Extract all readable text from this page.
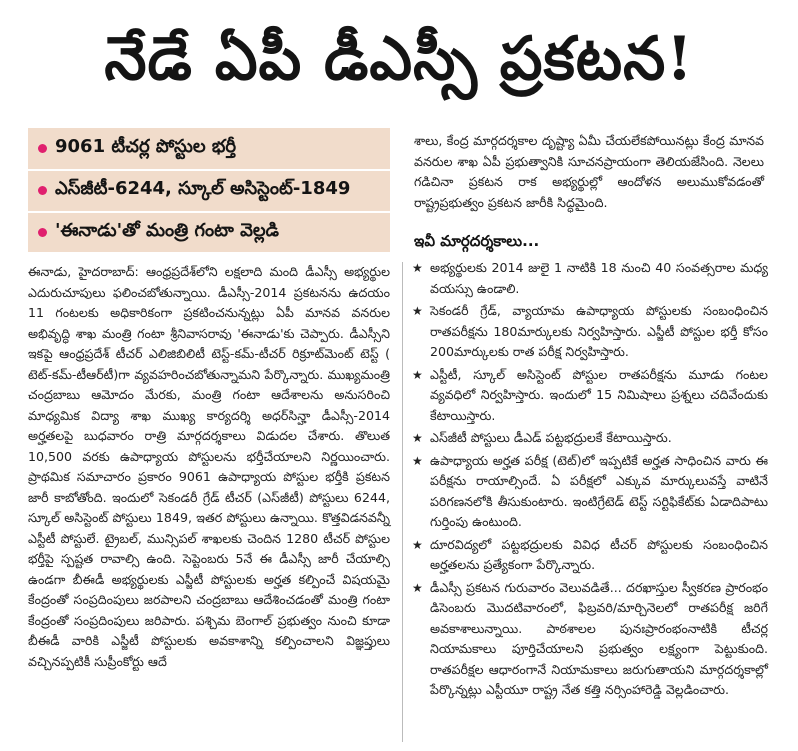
నేడే ఏపీ డీఎస్సీ ప్రకటన!
9061 టీచర్ల పోస్టుల భర్తీ
ఎస్‌జీటీ-6244, స్కూల్ అసిస్టెంట్-1849
'ఈనాడు'తో మంత్రి గంటా వెల్లడి
ఈనాడు, హైదరాబాద్: ఆంధ్రప్రదేశ్‌లోని లక్షలాది మంది డీఎస్సీ అభ్యర్థుల ఎదురుచూపులు ఫలించబోతున్నాయి. డీఎస్సీ-2014 ప్రకటనను ఉదయం 11 గంటలకు అధికారికంగా ప్రకటించనున్నట్లు ఏపీ మానవ వనరుల అభివృద్ధి శాఖ మంత్రి గంటా శ్రీనివాసరావు 'ఈనాడు'కు చెప్పారు. డీఎస్సీని ఇకపై ఆంధ్రప్రదేశ్ టీచర్ ఎలిజిబిలిటీ టెస్ట్-కమ్-టీచర్ రిక్రూట్‌మెంట్ టెస్ట్ ( టెట్-కమ్-టీఆర్‌టీ)గా వ్యవహరించబోతున్నామని పేర్కొన్నారు. ముఖ్యమంత్రి చంద్రబాబు ఆమోదం మేరకు, మంత్రి గంటా ఆదేశాలను అనుసరించి మాధ్యమిక విద్యా శాఖ ముఖ్య కార్యదర్శి అధర్‌సిన్హా డీఎస్సీ-2014 అర్హతలపై బుధవారం రాత్రి మార్గదర్శకాలు విడుదల చేశారు. తొలుత 10,500 వరకు ఉపాధ్యాయ పోస్టులను భర్తీచేయాలని నిర్ణయించారు. ప్రాథమిక సమాచారం ప్రకారం 9061 ఉపాధ్యాయ పోస్టుల భర్తీకి ప్రకటన జారీ కాబోతోంది. ఇందులో సెకండరీ గ్రేడ్ టీచర్ (ఎస్‌జీటీ) పోస్టులు 6244, స్కూల్ అసిస్టెంట్ పోస్టులు 1849, ఇతర పోస్టులు ఉన్నాయి. కొత్తవిడనవన్నీ ఎస్టీటీ పోస్టులే. ట్రైబల్, మున్సిపల్ శాఖలకు చెందిన 1280 టీచర్ పోస్టుల భర్తీపై స్పష్టత రావాల్సి ఉంది. సెప్టెంబరు 5నే ఈ డీఎస్సీ జారీ చేయాల్సి ఉండగా బీఈడీ అభ్యర్థులకు ఎస్జీటీ పోస్టులకు అర్హత కల్పించే విషయమై కేంద్రంతో సంప్రదింపులు జరపాలని చంద్రబాబు ఆదేశించడంతో మంత్రి గంటా కేంద్రంతో సంప్రదింపులు జరిపారు. పశ్చిమ బెంగాల్ ప్రభుత్వం నుంచి కూడా బీఈడీ వారికి ఎస్జీటీ పోస్టులకు అవకాశాన్ని కల్పించాలని విజ్ఞప్తులు వచ్చినప్పటికీ సుప్రీంకోర్టు ఆదే
శాలు, కేంద్ర మార్గదర్శకాల దృష్ట్యా ఏమీ చేయలేకపోయినట్లు కేంద్ర మానవ వనరుల శాఖ ఏపీ ప్రభుత్వానికి సూచనప్రాయంగా తెలియజేసింది. నెలలు గడిచినా ప్రకటన రాక అభ్యర్థుల్లో ఆందోళన అలుముకోవడంతో రాష్ట్రప్రభుత్వం ప్రకటన జారీకి సిద్ధమైంది.
ఇవీ మార్గదర్శకాలు...
★ అభ్యర్థులకు 2014 జులై 1 నాటికి 18 నుంచి 40 సంవత్సరాల మధ్య వయస్సు ఉండాలి.
★ సెకండరీ గ్రేడ్, వ్యాయామ ఉపాధ్యాయ పోస్టులకు సంబంధించిన రాతపరీక్షను 180మార్కులకు నిర్వహిస్తారు. ఎస్జీటీ పోస్టుల భర్తీ కోసం 200మార్కులకు రాత పరీక్ష నిర్వహిస్తారు.
★ ఎస్టీటీ, స్కూల్ అసిస్టెంట్ పోస్టుల రాతపరీక్షను మూడు గంటల వ్యవధిలో నిర్వహిస్తారు. ఇందులో 15 నిమిషాలు ప్రశ్నలు చదివేందుకు కేటాయిస్తారు.
★ ఎస్‌జీటీ పోస్టులు డీఎడ్ పట్టభద్రులకే కేటాయిస్తారు.
★ ఉపాధ్యాయ అర్హత పరీక్ష (టెట్)లో ఇప్పటికే అర్హత సాధించిన వారు ఈ పరీక్షను రాయాల్సిందే. ఏ పరీక్షలో ఎక్కువ మార్కులువస్తే వాటినే పరిగణనలోకి తీసుకుంటారు. ఇంటిగ్రేటెడ్ టెస్ట్ సర్టిఫికేట్‌కు ఏడాదిపాటు గుర్తింపు ఉంటుంది.
★ దూరవిద్యలో పట్టభద్రులకు వివిధ టీచర్ పోస్టులకు సంబంధించిన అర్హతలను ప్రత్యేకంగా పేర్కొన్నారు.
★ డీఎస్సీ ప్రకటన గురువారం వెలువడితే... దరఖాస్తుల స్వీకరణ ప్రారంభం డిసెంబరు మొదటివారంలో, ఫిబ్రవరి/మార్చినెలలో రాతపరీక్ష జరిగే అవకాశాలున్నాయి. పాఠశాలల పునఃప్రారంభంనాటికి టీచర్ల నియామకాలు పూర్తిచేయాలని ప్రభుత్వం లక్ష్యంగా పెట్టుకుంది. రాతపరీక్షల ఆధారంగానే నియామకాలు జరుగుతాయని మార్గదర్శకాల్లో పేర్కొన్నట్లు ఎస్టీయూ రాష్ట్ర నేత కత్తి నర్సింహారెడ్డి వెల్లడించారు.
